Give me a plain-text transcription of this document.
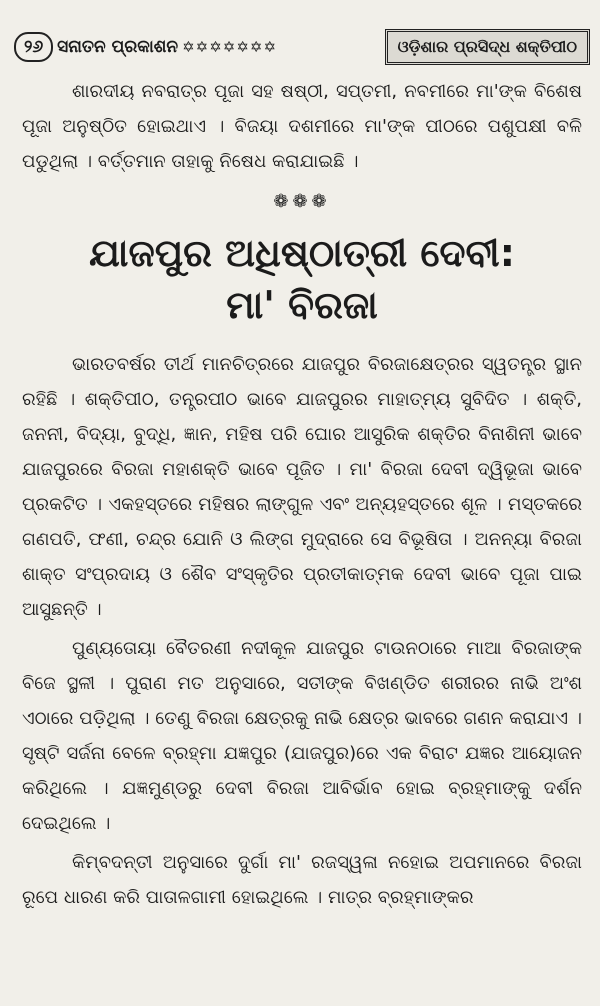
୨୬ ସନାତନ ପ୍ରକାଶନ ✡✡✡✡✡✡✡	ଓଡ଼ିଶାର ପ୍ରସିଦ୍ଧ ଶକ୍ତିପୀଠ

ଶାରଦୀୟ ନବରାତ୍ର ପୂଜା ସହ ଷଷ୍ଠୀ, ସପ୍ତମୀ, ନବମୀରେ ମା'ଙ୍କ ବିଶେଷ ପୂଜା ଅନୁଷ୍ଠିତ ହୋଇଥାଏ । ବିଜୟା ଦଶମୀରେ ମା'ଙ୍କ ପୀଠରେ ପଶୁପକ୍ଷୀ ବଳି ପଡୁଥିଲା । ବର୍ତ୍ତମାନ ତାହାକୁ ନିଷେଧ କରାଯାଇଛି ।

❁❁❁
ଯାଜପୁର ଅଧିଷ୍ଠାତ୍ରୀ ଦେବୀ:
ମା' ବିରଜା

ଭାରତବର୍ଷର ତୀର୍ଥ ମାନଚିତ୍ରରେ ଯାଜପୁର ବିରଜାକ୍ଷେତ୍ରର ସ୍ୱତନ୍ତ୍ର ସ୍ଥାନ ରହିଛି । ଶକ୍ତିପୀଠ, ତନ୍ତ୍ରପୀଠ ଭାବେ ଯାଜପୁରର ମାହାତ୍ମ୍ୟ ସୁବିଦିତ । ଶକ୍ତି, ଜନନୀ, ବିଦ୍ୟା, ବୁଦ୍ଧି, ଜ୍ଞାନ, ମହିଷ ପରି ଘୋର ଆସୁରିକ ଶକ୍ତିର ବିନାଶିନୀ ଭାବେ ଯାଜପୁରରେ ବିରଜା ମହାଶକ୍ତି ଭାବେ ପୂଜିତ । ମା' ବିରଜା ଦେବୀ ଦ୍ୱିଭୂଜା ଭାବେ ପ୍ରକଟିତ । ଏକହସ୍ତରେ ମହିଷର ଲାଙ୍ଗୁଳ ଏବଂ ଅନ୍ୟହସ୍ତରେ ଶୂଳ । ମସ୍ତକରେ ଗଣପତି, ଫଣୀ, ଚନ୍ଦ୍ର ଯୋନି ଓ ଲିଙ୍ଗ ମୁଦ୍ରାରେ ସେ ବିଭୂଷିତା । ଅନନ୍ୟା ବିରଜା ଶାକ୍ତ ସଂପ୍ରଦାୟ ଓ ଶୈବ ସଂସ୍କୃତିର ପ୍ରତୀକାତ୍ମକ ଦେବୀ ଭାବେ ପୂଜା ପାଇ ଆସୁଛନ୍ତି ।

ପୁଣ୍ୟତୋୟା ବୈତରଣୀ ନଦୀକୂଳ ଯାଜପୁର ଟାଉନଠାରେ ମାଆ ବିରଜାଙ୍କ ବିଜେ ସ୍ଥଳୀ । ପୁରାଣ ମତ ଅନୁସାରେ, ସତୀଙ୍କ ବିଖଣ୍ଡିତ ଶରୀରର ନାଭି ଅଂଶ ଏଠାରେ ପଡ଼ିଥିଲା । ତେଣୁ ବିରଜା କ୍ଷେତ୍ରକୁ ନାଭି କ୍ଷେତ୍ର ଭାବରେ ଗଣନ କରାଯାଏ । ସୃଷ୍ଟି ସର୍ଜନା ବେଳେ ବ୍ରହ୍ମା ଯଜ୍ଞପୁର (ଯାଜପୁର)ରେ ଏକ ବିରାଟ ଯଜ୍ଞର ଆୟୋଜନ କରିଥିଲେ । ଯଜ୍ଞମୁଣ୍ଡରୁ ଦେବୀ ବିରଜା ଆବିର୍ଭାବ ହୋଇ ବ୍ରହ୍ମାଙ୍କୁ ଦର୍ଶନ ଦେଇଥିଲେ ।

କିମ୍ବଦନ୍ତୀ ଅନୁସାରେ ଦୁର୍ଗା ମା' ରଜସ୍ୱଳା ନହୋଇ ଅପମାନରେ ବିରଜା ରୂପେ ଧାରଣ କରି ପାତାଳଗାମୀ ହୋଇଥିଲେ । ମାତ୍ର ବ୍ରହ୍ମାଙ୍କର
